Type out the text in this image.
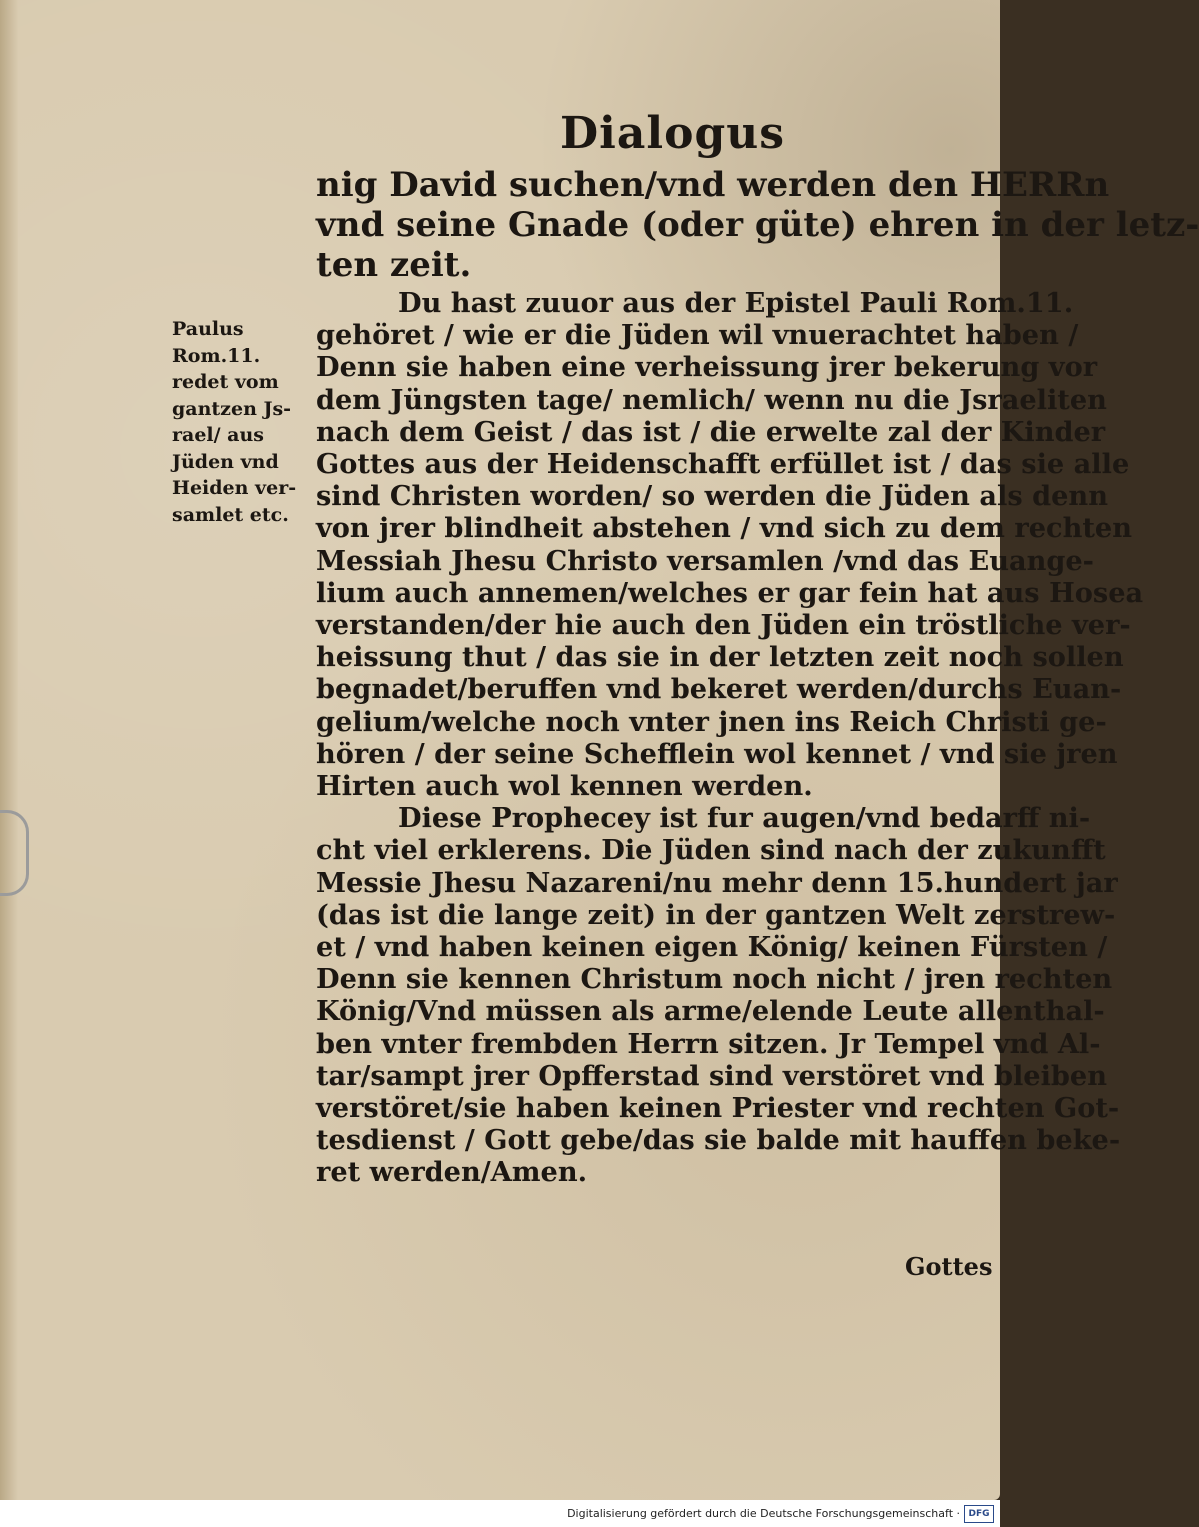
Dialogus
Paulus
Rom.11.
redet vom
gantzen Js-
rael/ aus
Jüden vnd
Heiden ver-
samlet etc.
nig David suchen/vnd werden den HERRn
vnd seine Gnade (oder güte) ehren in der letz-
ten zeit.
Du hast zuuor aus der Epistel Pauli Rom.11.
gehöret / wie er die Jüden wil vnuerachtet haben /
Denn sie haben eine verheissung jrer bekerung vor
dem Jüngsten tage/ nemlich/ wenn nu die Jsraeliten
nach dem Geist / das ist / die erwelte zal der Kinder
Gottes aus der Heidenschafft erfüllet ist / das sie alle
sind Christen worden/ so werden die Jüden als denn
von jrer blindheit abstehen / vnd sich zu dem rechten
Messiah Jhesu Christo versamlen /vnd das Euange-
lium auch annemen/welches er gar fein hat aus Hosea
verstanden/der hie auch den Jüden ein tröstliche ver-
heissung thut / das sie in der letzten zeit noch sollen
begnadet/beruffen vnd bekeret werden/durchs Euan-
gelium/welche noch vnter jnen ins Reich Christi ge-
hören / der seine Schefflein wol kennet / vnd sie jren
Hirten auch wol kennen werden.
Diese Prophecey ist fur augen/vnd bedarff ni-
cht viel erklerens. Die Jüden sind nach der zukunfft
Messie Jhesu Nazareni/nu mehr denn 15.hundert jar
(das ist die lange zeit) in der gantzen Welt zerstrew-
et / vnd haben keinen eigen König/ keinen Fürsten /
Denn sie kennen Christum noch nicht / jren rechten
König/Vnd müssen als arme/elende Leute allenthal-
ben vnter frembden Herrn sitzen. Jr Tempel vnd Al-
tar/sampt jrer Opfferstad sind verstöret vnd bleiben
verstöret/sie haben keinen Priester vnd rechten Got-
tesdienst / Gott gebe/das sie balde mit hauffen beke-
ret werden/Amen.
Gottes
Digitalisierung gefördert durch die Deutsche Forschungsgemeinschaft · DFG
